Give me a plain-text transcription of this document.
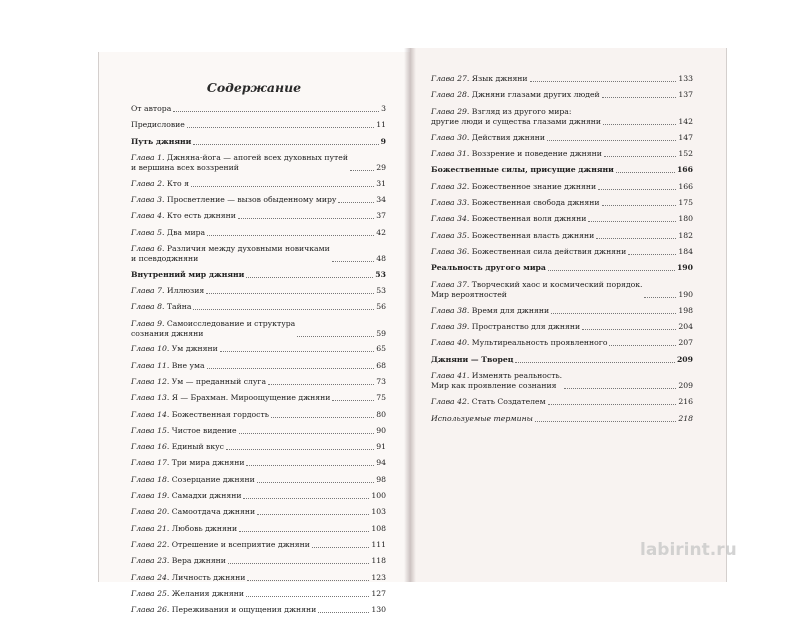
Содержание
От автора	3
Предисловие	11
Путь джняни	9
Глава 1. Джняна-йога — апогей всех духовных путей
и вершина всех воззрений	29
Глава 2. Кто я	31
Глава 3. Просветление — вызов обыденному миру	34
Глава 4. Кто есть джняни	37
Глава 5. Два мира	42
Глава 6. Различия между духовными новичками
и псевдоджняни	48
Внутренний мир джняни	53
Глава 7. Иллюзия	53
Глава 8. Тайна	56
Глава 9. Самоисследование и структура
сознания джняни	59
Глава 10. Ум джняни	65
Глава 11. Вне ума	68
Глава 12. Ум — преданный слуга	73
Глава 13. Я — Брахман. Мироощущение джняни	75
Глава 14. Божественная гордость	80
Глава 15. Чистое видение	90
Глава 16. Единый вкус	91
Глава 17. Три мира джняни	94
Глава 18. Созерцание джняни	98
Глава 19. Самадхи джняни	100
Глава 20. Самоотдача джняни	103
Глава 21. Любовь джняни	108
Глава 22. Отрешение и всеприятие джняни	111
Глава 23. Вера джняни	118
Глава 24. Личность джняни	123
Глава 25. Желания джняни	127
Глава 26. Переживания и ощущения джняни	130
Глава 27. Язык джняни	133
Глава 28. Джняни глазами других людей	137
Глава 29. Взгляд из другого мира:
другие люди и существа глазами джняни	142
Глава 30. Действия джняни	147
Глава 31. Воззрение и поведение джняни	152
Божественные силы, присущие джняни	166
Глава 32. Божественное знание джняни	166
Глава 33. Божественная свобода джняни	175
Глава 34. Божественная воля джняни	180
Глава 35. Божественная власть джняни	182
Глава 36. Божественная сила действия джняни	184
Реальность другого мира	190
Глава 37. Творческий хаос и космический порядок.
Мир вероятностей	190
Глава 38. Время для джняни	198
Глава 39. Пространство для джняни	204
Глава 40. Мультиреальность проявленного	207
Джняни — Творец	209
Глава 41. Изменять реальность.
Мир как проявление сознания	209
Глава 42. Стать Создателем	216
Используемые термины	218
labirint.ru
